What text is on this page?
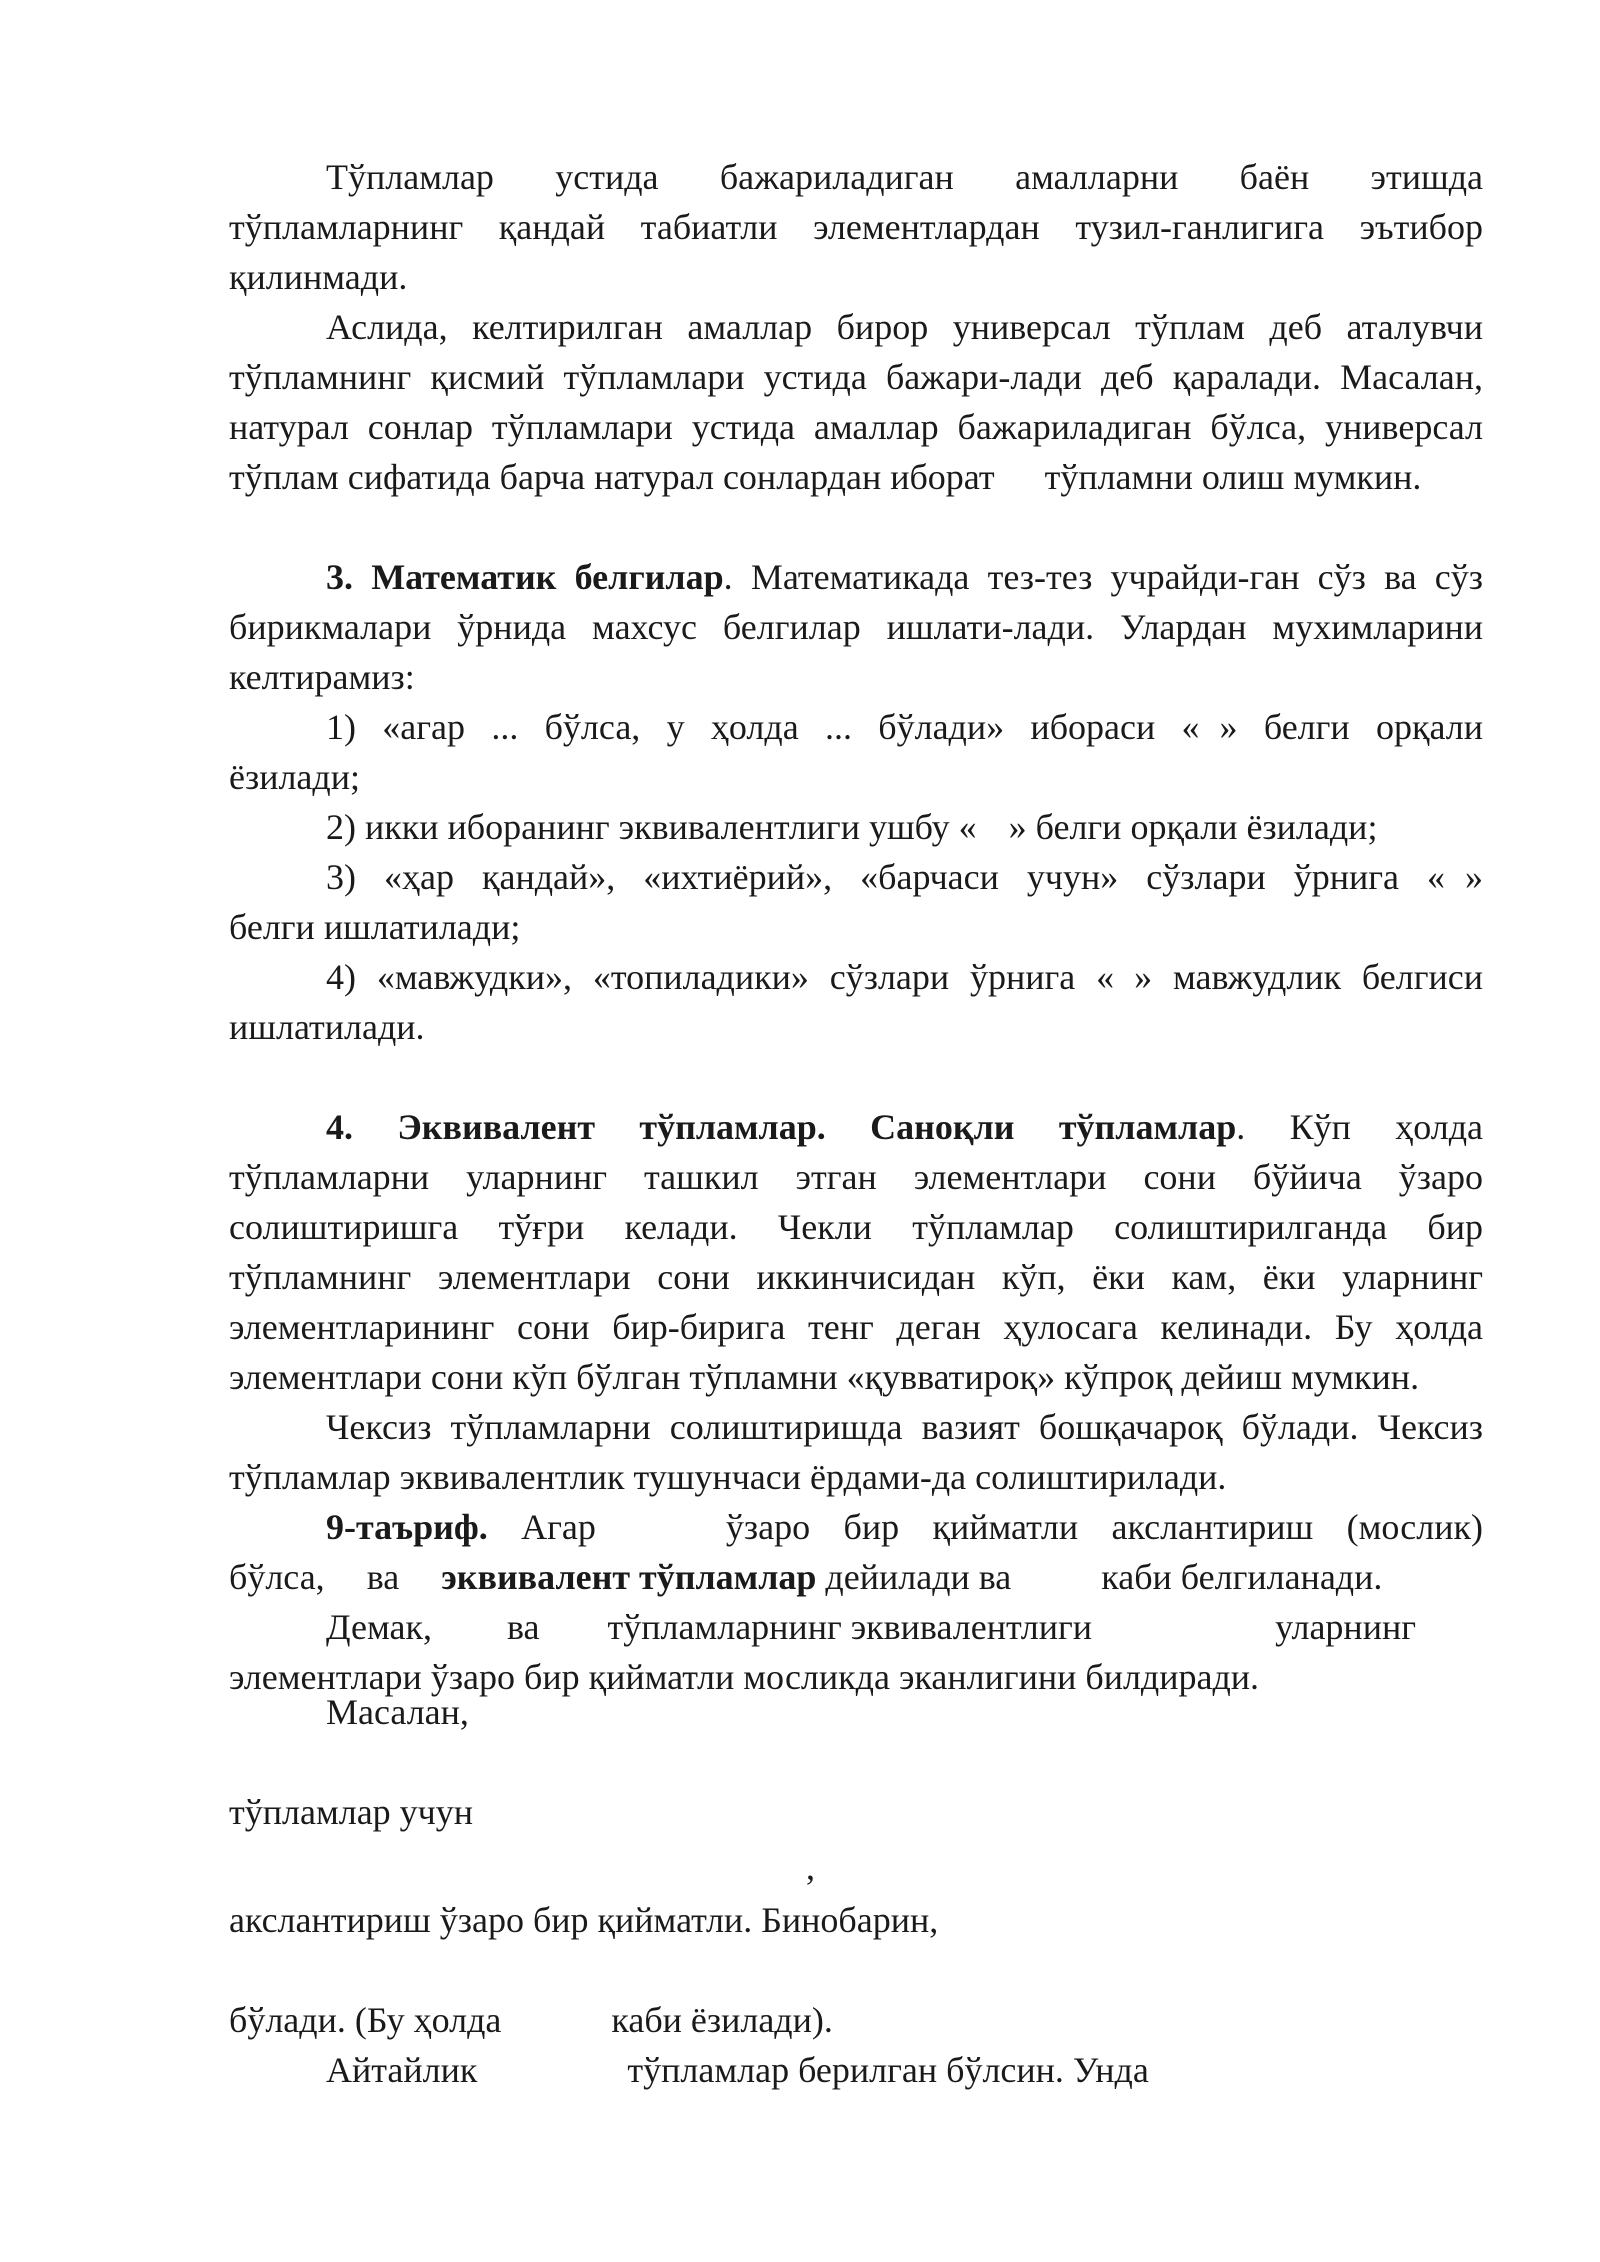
Тўпламлар устида бажариладиган амалларни баён этишда

тўпламларнинг қандай табиатли элементлардан тузил-ганлигига эътибор

қилинмади.

Аслида, келтирилган амаллар бирор универсал тўплам деб аталувчи

тўпламнинг қисмий тўпламлари устида бажари-лади деб қаралади. Масалан,

натурал сонлар тўпламлари устида амаллар бажариладиган бўлса, универсал

тўплам сифатида барча натурал сонлардан иборат тўпламни олиш мумкин.

3. Математик белгилар. Математикада тез-тез учрайди-ган сўз ва сўз

бирикмалари ўрнида махсус белгилар ишлати-лади. Улардан мухимларини

келтирамиз:

1) «агар ... бўлса, у ҳолда ... бўлади» ибораси « » белги орқали

ёзилади;

2) икки иборанинг эквивалентлиги ушбу « » белги орқали ёзилади;

3) «ҳар қандай», «ихтиёрий», «барчаси учун» сўзлари ўрнига « »

белги ишлатилади;

4) «мавжудки», «топиладики» сўзлари ўрнига « » мавжудлик белгиси

ишлатилади.

4. Эквивалент тўпламлар. Саноқли тўпламлар. Кўп ҳолда

тўпламларни уларнинг ташкил этган элементлари сони бўйича ўзаро

солиштиришга тўғри келади. Чекли тўпламлар солиштирилганда бир

тўпламнинг элементлари сони иккинчисидан кўп, ёки кам, ёки уларнинг

элементларининг сони бир-бирига тенг деган ҳулосага келинади. Бу ҳолда

элементлари сони кўп бўлган тўпламни «қувватироқ» кўпроқ дейиш мумкин.

Чексиз тўпламларни солиштиришда вазият бошқачароқ бўлади. Чексиз

тўпламлар эквивалентлик тушунчаси ёрдами-да солиштирилади.

9-таъриф. Агар	ўзаро бир қийматли акслантириш (мослик)

бўлса, ва эквивалент тўпламлар дейилади ва	каби белгиланади.

Демак, ва тўпламларнинг эквивалентлиги	уларнинг

элементлари ўзаро бир қийматли мосликда эканлигини билдиради.

Масалан,

тўпламлар учун

,

акслантириш ўзаро бир қийматли. Бинобарин,

бўлади. (Бу ҳолда	каби ёзилади).

Айтайлик	тўпламлар берилган бўлсин. Унда
